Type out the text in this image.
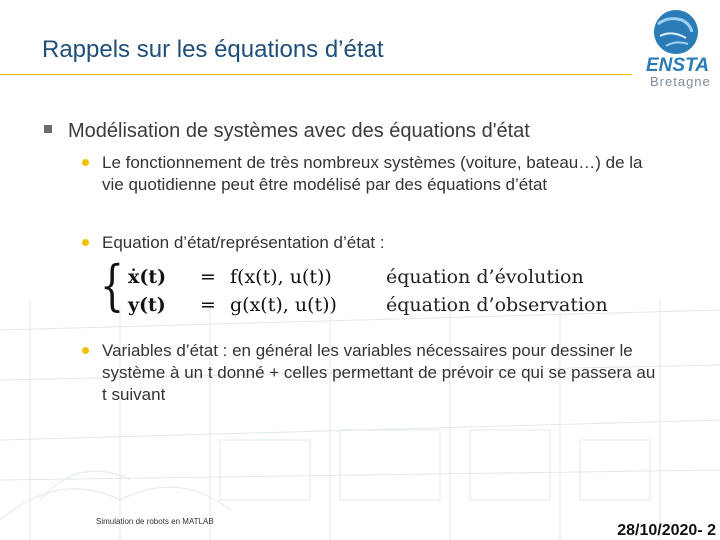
Rappels sur les équations d’état
ENSTA
Bretagne
Modélisation de systèmes avec des équations d'état
Le fonctionnement de très nombreux systèmes (voiture, bateau…) de la vie quotidienne peut être modélisé par des équations d’état
Equation d’état/représentation d’état :
{ ẋ(t) = f(x(t), u(t))	équation d’évolution
y(t) = g(x(t), u(t))	équation d’observation
Variables d’état : en général les variables nécessaires pour dessiner le système à un t donné + celles permettant de prévoir ce qui se passera au t suivant
Simulation de robots en MATLAB
28/10/2020- 2
